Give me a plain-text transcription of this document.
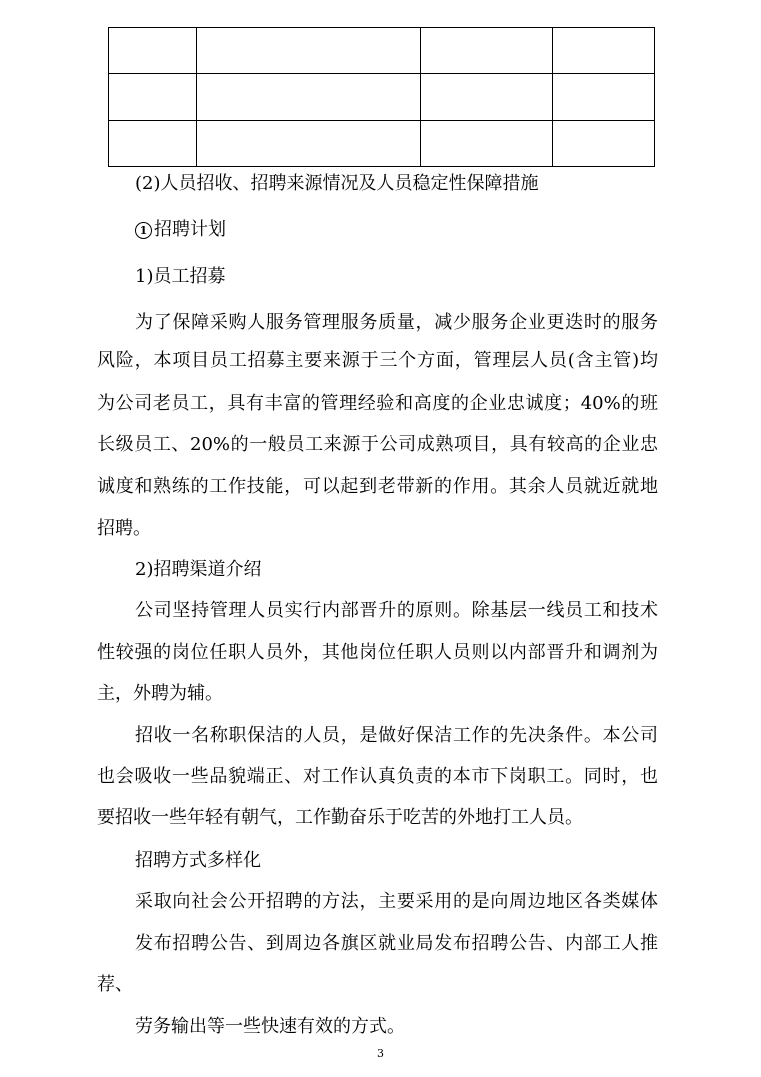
(2)人员招收、招聘来源情况及人员稳定性保障措施
1 招聘计划
1)员工招募
为了保障采购人服务管理服务质量，减少服务企业更迭时的服务
风险，本项目员工招募主要来源于三个方面，管理层人员(含主管)均
为公司老员工，具有丰富的管理经验和高度的企业忠诚度；40%的班
长级员工、20%的一般员工来源于公司成熟项目，具有较高的企业忠
诚度和熟练的工作技能，可以起到老带新的作用。其余人员就近就地
招聘。
2)招聘渠道介绍
公司坚持管理人员实行内部晋升的原则。除基层一线员工和技术
性较强的岗位任职人员外，其他岗位任职人员则以内部晋升和调剂为
主，外聘为辅。
招收一名称职保洁的人员，是做好保洁工作的先决条件。本公司
也会吸收一些品貌端正、对工作认真负责的本市下岗职工。同时，也
要招收一些年轻有朝气，工作勤奋乐于吃苦的外地打工人员。
招聘方式多样化
采取向社会公开招聘的方法，主要采用的是向周边地区各类媒体
发布招聘公告、到周边各旗区就业局发布招聘公告、内部工人推
荐、
劳务输出等一些快速有效的方式。
3
